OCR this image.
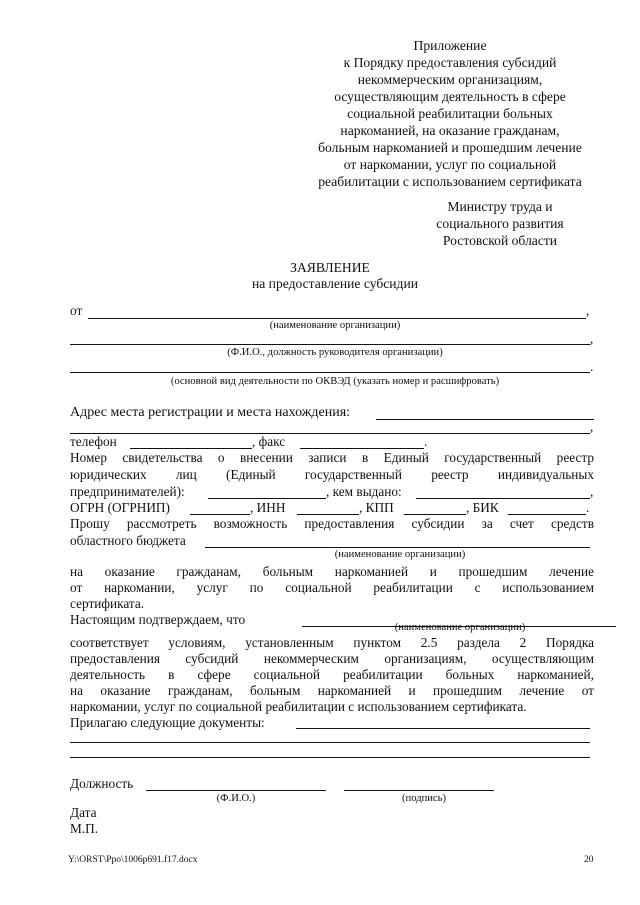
Приложение
к Порядку предоставления субсидий
некоммерческим организациям,
осуществляющим деятельность в сфере
социальной реабилитации больных
наркоманией, на оказание гражданам,
больным наркоманией и прошедшим лечение
от наркомании, услуг по социальной
реабилитации с использованием сертификата
Министру труда и
социального развития
Ростовской области
ЗАЯВЛЕНИЕ
на предоставление субсидии
от	,
(наименование организации)
,
(Ф.И.О., должность руководителя организации)
.
(основной вид деятельности по ОКВЭД (указать номер и расшифровать)
Адрес места регистрации и места нахождения:
,
телефон	, факс	.
Номер свидетельства о внесении записи в Единый государственный реестр
юридических лиц (Единый государственный реестр индивидуальных
предпринимателей):	, кем выдано:	,
ОГРН (ОГРНИП)	, ИНН	, КПП	, БИК	.
Прошу рассмотреть возможность предоставления субсидии за счет средств
областного бюджета
(наименование организации)
на оказание гражданам, больным наркоманией и прошедшим лечение
от наркомании, услуг по социальной реабилитации с использованием
сертификата.
Настоящим подтверждаем, что
(наименование организации)
соответствует условиям, установленным пунктом 2.5 раздела 2 Порядка
предоставления субсидий некоммерческим организациям, осуществляющим
деятельность в сфере социальной реабилитации больных наркоманией,
на оказание гражданам, больным наркоманией и прошедшим лечение от
наркомании, услуг по социальной реабилитации с использованием сертификата.
Прилагаю следующие документы:
Должность
(Ф.И.О.)	(подпись)
Дата
М.П.
Y:\ORST\Ppo\1006p691.f17.docx	20
